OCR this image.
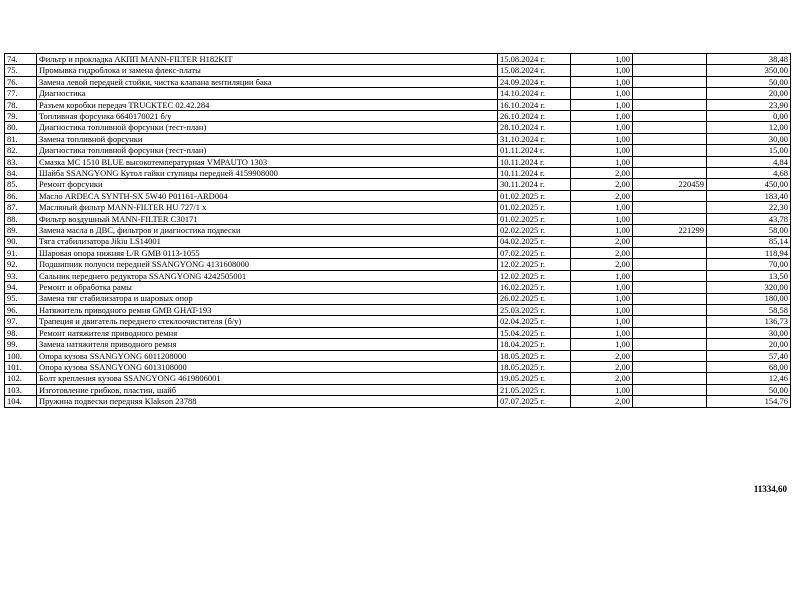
74.	Фильтр и прокладка АКПП MANN-FILTER H182KIT	15.08.2024 г.	1,00		38,48
75.	Промывка гидроблока и замена флекс-платы	15.08.2024 г.	1,00		350,00
76.	Замена левой передней стойки, чистка клапана вентиляции бака	24.09.2024 г.	1,00		50,00
77.	Диагностика	14.10.2024 г.	1,00		20,00
78.	Разъем коробки передач TRUCKTEC 02.42.284	16.10.2024 г.	1,00		23,90
79.	Топливная форсунка 6640170021 б/у	26.10.2024 г.	1,00		0,00
80.	Диагностика топливной форсунки (тест-план)	28.10.2024 г.	1,00		12,00
81.	Замена топливной форсунки	31.10.2024 г.	1,00		30,00
82.	Диагностика топливной форсунки (тест-план)	01.11.2024 г.	1,00		15,00
83.	Смазка МС 1510 BLUE высокотемпературная VMPAUTO 1303	10.11.2024 г.	1,00		4,84
84.	Шайба SSANGYONG Кутол гайки ступицы передней 4159908000	10.11.2024 г.	2,00		4,68
85.	Ремонт форсунки	30.11.2024 г.	2,00	220459	450,00
86.	Масло ARDECA SYNTH-SX 5W40 P01161-ARD004	01.02.2025 г.	2,00		183,40
87.	Масляный фильтр MANN-FILTER HU 727/1 x	01.02.2025 г.	1,00		22,30
88.	Фильтр воздушный MANN-FILTER C30171	01.02.2025 г.	1,00		43,78
89.	Замена масла в ДВС, фильтров и диагностика подвески	02.02.2025 г.	1,00	221299	58,00
90.	Тяга стабилизатора Jikiu LS14001	04.02.2025 г.	2,00		85,14
91.	Шаровая опора нижняя L/R GMB 0113-1055	07.02.2025 г.	2,00		118,94
92.	Подшипник полуоси передней SSANGYONG 4131608000	12.02.2025 г.	2,00		70,00
93.	Сальник переднего редуктора SSANGYONG 4242505001	12.02.2025 г.	1,00		13,50
94.	Ремонт и обработка рамы	16.02.2025 г.	1,00		320,00
95.	Замена тяг стабилизатора и шаровых опор	26.02.2025 г.	1,00		180,00
96.	Натяжитель приводного ремня GMB GHAT-193	25.03.2025 г.	1,00		58,58
97.	Трапеция и двигатель переднего стеклоочистителя (б/у)	02.04.2025 г.	1,00		136,73
98.	Ремонт натяжителя приводного ремня	15.04.2025 г.	1,00		30,00
99.	Замена натяжителя приводного ремня	18.04.2025 г.	1,00		20,00
100.	Опора кузова SSANGYONG 6011208000	18.05.2025 г.	2,00		57,40
101.	Опора кузова SSANGYONG 6013108000	18.05.2025 г.	2,00		68,00
102.	Болт крепления кузова SSANGYONG 4619806001	19.05.2025 г.	2,00		12,46
103.	Изготовление грибков, пластин, шайб	21.05.2025 г.	1,00		50,00
104.	Пружина подвески передняя Klakson 23788	07.07.2025 г.	2,00		154,76
11334,60
